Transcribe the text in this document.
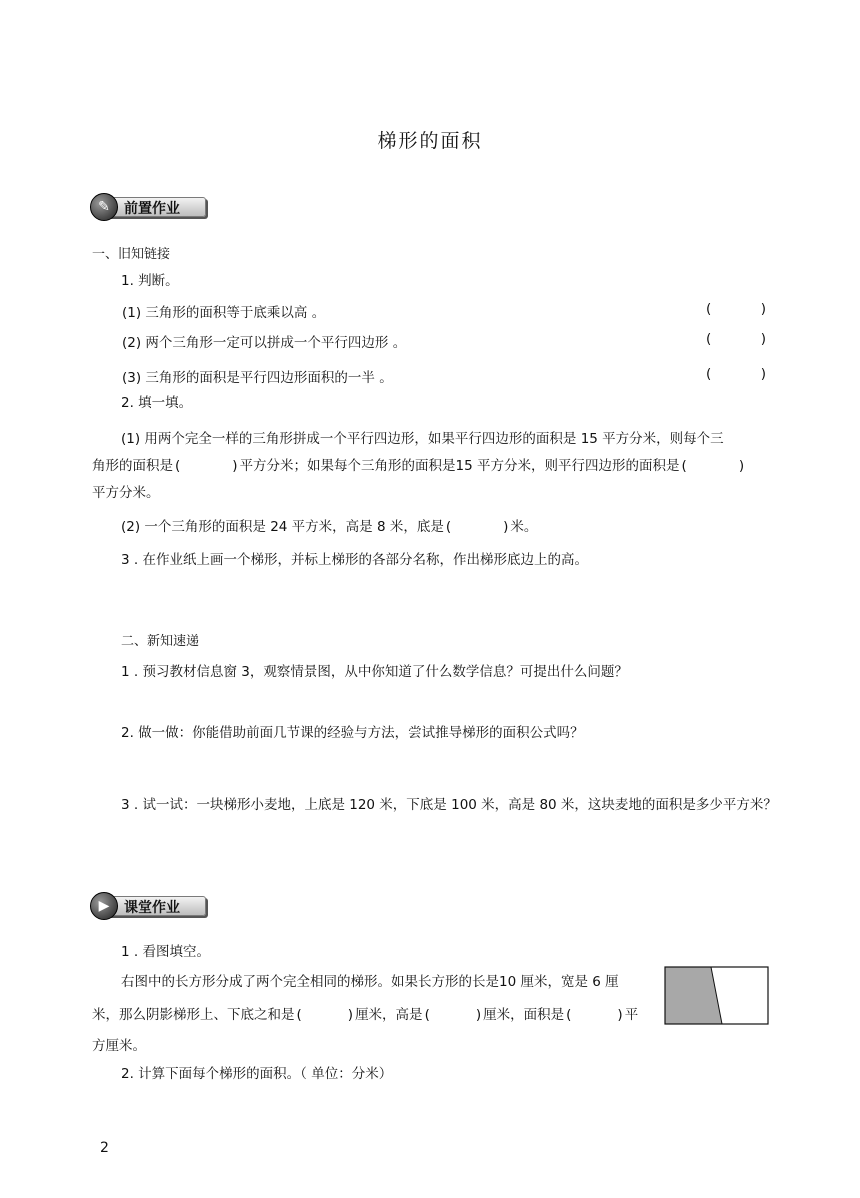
梯形的面积
✎	前置作业
一、旧知链接
1. 判断。
(1) 三角形的面积等于底乘以高 。	(	)
(2) 两个三角形一定可以拼成一个平行四边形 。	(	)
(3) 三角形的面积是平行四边形面积的一半 。	(	)
2. 填一填。
(1) 用两个完全一样的三角形拼成一个平行四边形，如果平行四边形的面积是 15 平方分米，则每个三
角形的面积是 (	) 平方分米；如果每个三角形的面积是15 平方分米，则平行四边形的面积是 (	)
平方分米。
(2) 一个三角形的面积是 24 平方米，高是 8 米，底是 (	) 米。
3 . 在作业纸上画一个梯形，并标上梯形的各部分名称，作出梯形底边上的高。
二、新知速递
1 . 预习教材信息窗 3，观察情景图，从中你知道了什么数学信息？可提出什么问题？
2. 做一做：你能借助前面几节课的经验与方法，尝试推导梯形的面积公式吗？
3 . 试一试：一块梯形小麦地，上底是 120 米，下底是 100 米，高是 80 米，这块麦地的面积是多少平方米？
▶	课堂作业
1 . 看图填空。
右图中的长方形分成了两个完全相同的梯形。如果长方形的长是10 厘米，宽是 6 厘
米，那么阴影梯形上、下底之和是 (	) 厘米，高是 (	) 厘米，面积是 (	) 平
方厘米。
2. 计算下面每个梯形的面积。（ 单位：分米）
2
